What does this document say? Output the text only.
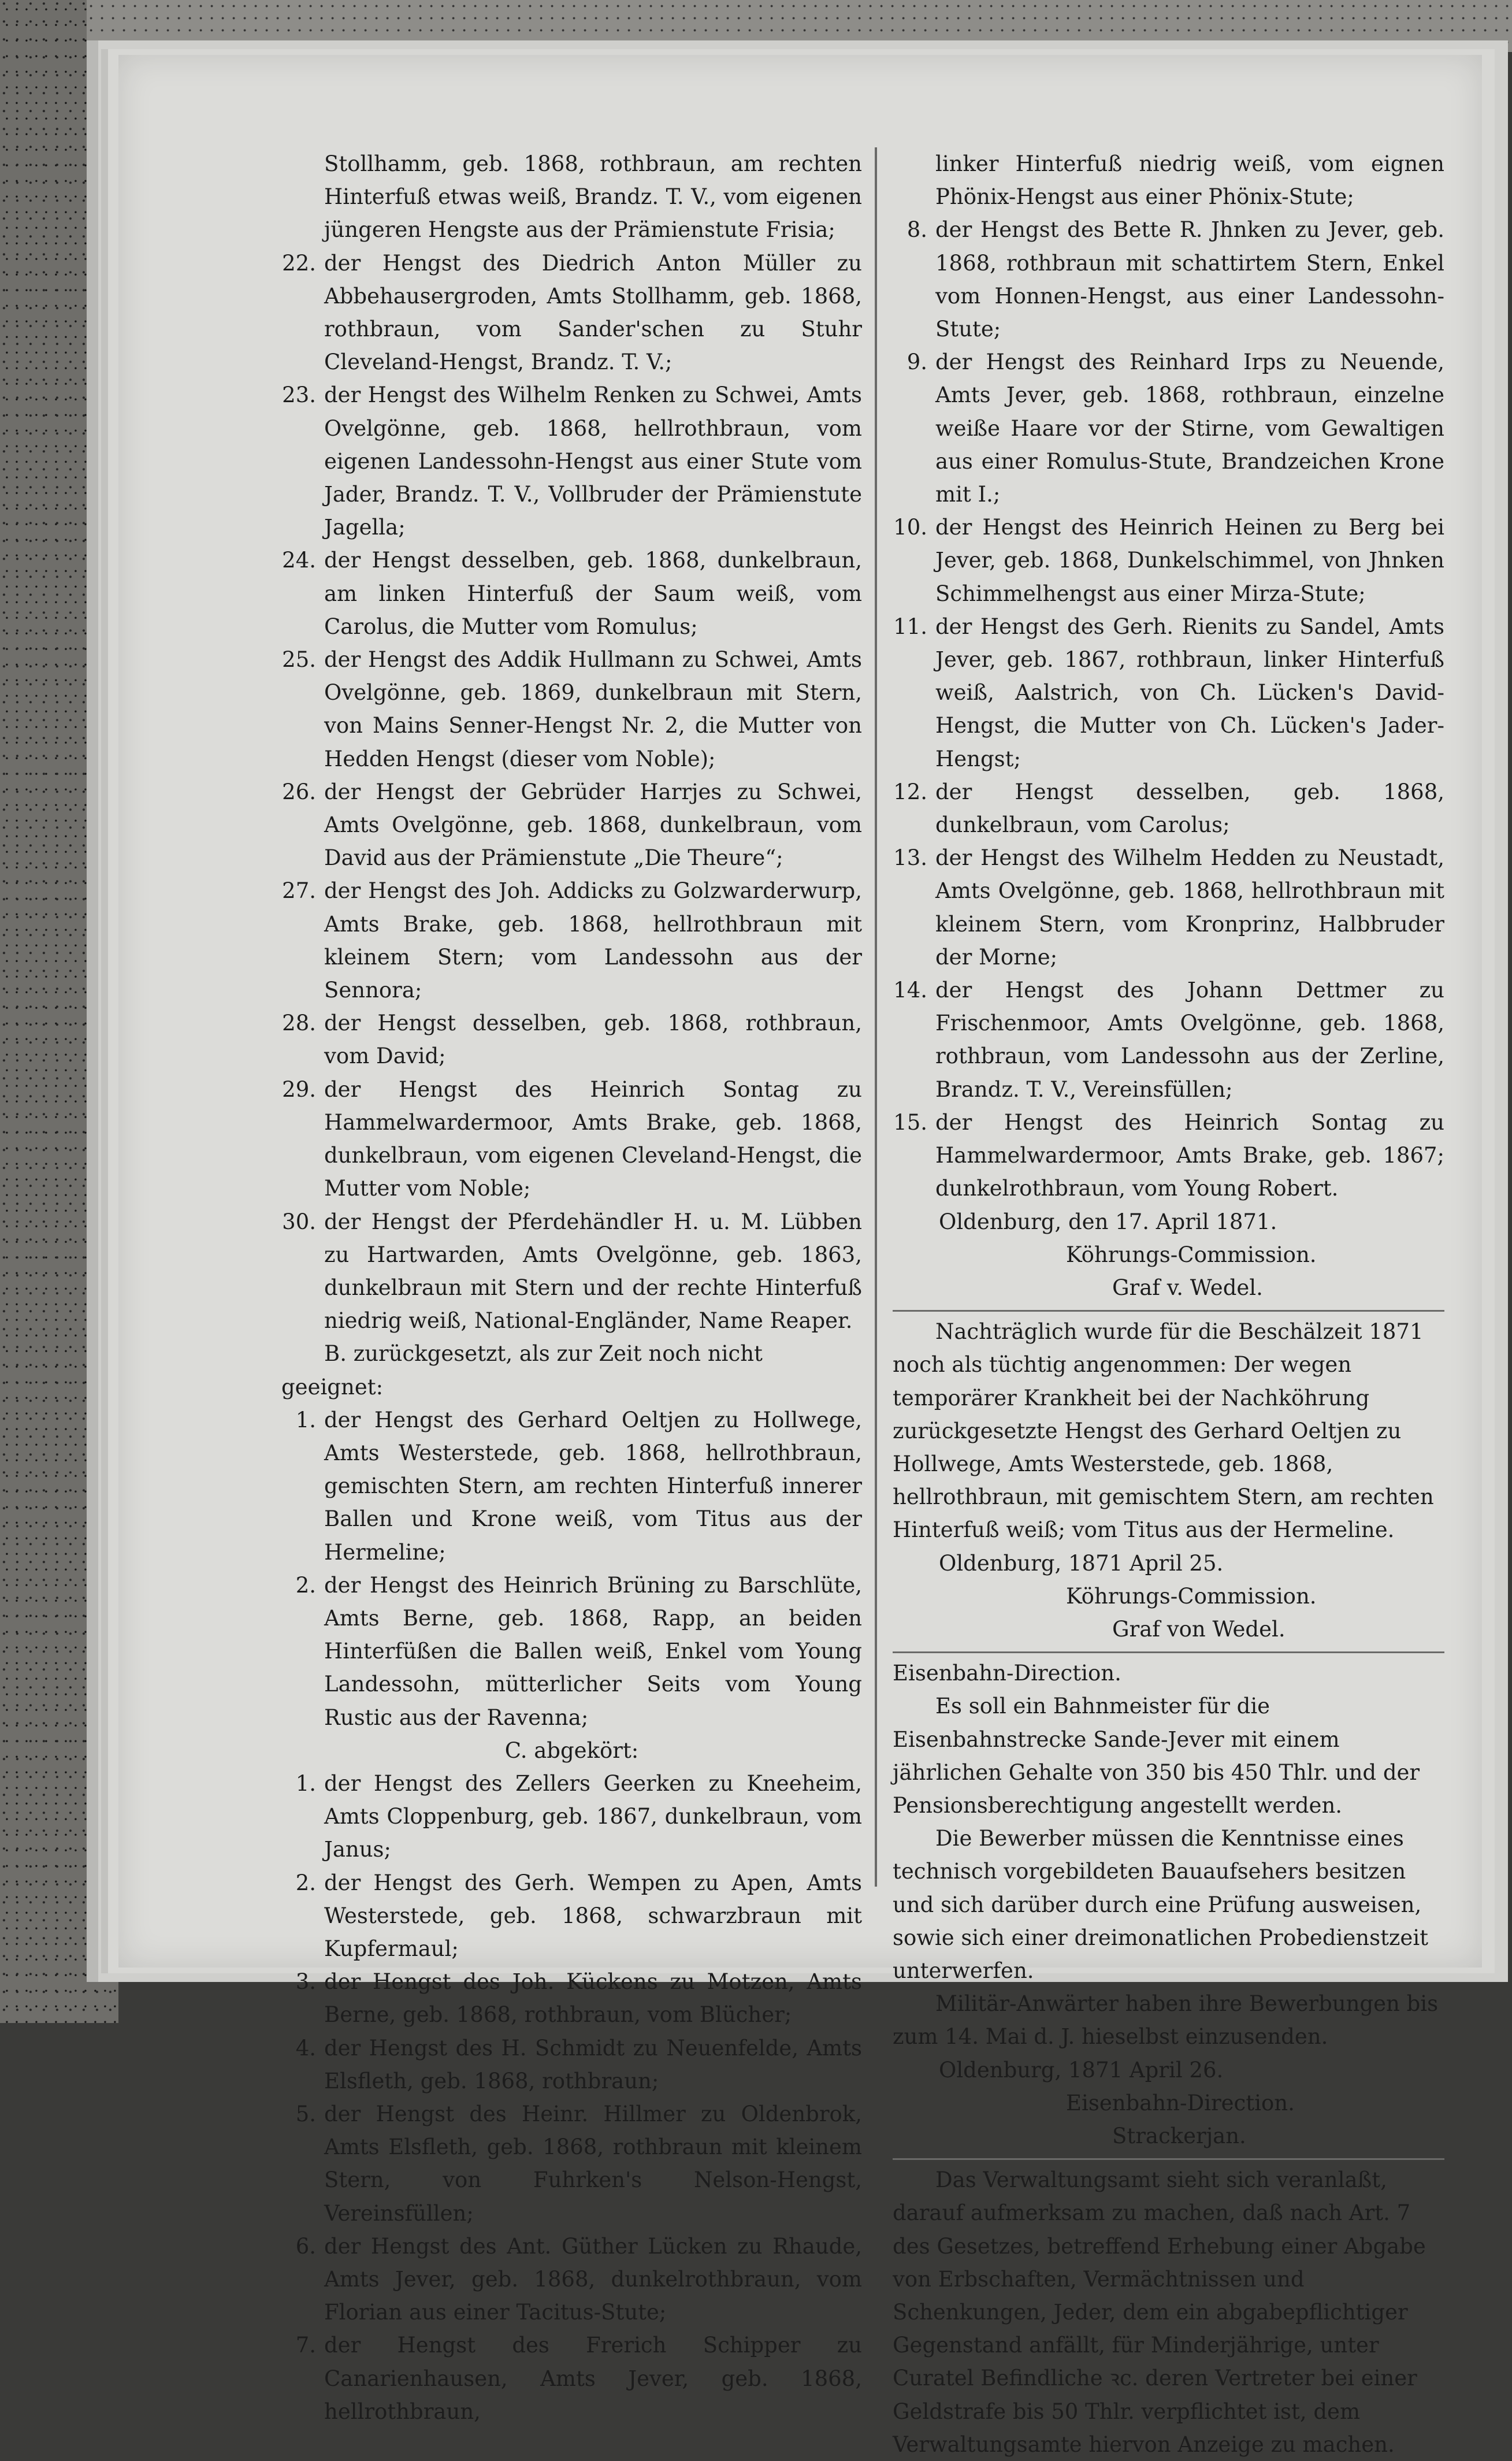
Stollhamm, geb. 1868, rothbraun, am rechten Hinterfuß etwas weiß, Brandz. T. V., vom eigenen jüngeren Hengste aus der Prämienstute Frisia;
22. der Hengst des Diedrich Anton Müller zu Abbehausergroden, Amts Stollhamm, geb. 1868, rothbraun, vom Sander'schen zu Stuhr Cleveland-Hengst, Brandz. T. V.;
23. der Hengst des Wilhelm Renken zu Schwei, Amts Ovelgönne, geb. 1868, hellrothbraun, vom eigenen Landessohn-Hengst aus einer Stute vom Jader, Brandz. T. V., Vollbruder der Prämienstute Jagella;
24. der Hengst desselben, geb. 1868, dunkelbraun, am linken Hinterfuß der Saum weiß, vom Carolus, die Mutter vom Romulus;
25. der Hengst des Addik Hullmann zu Schwei, Amts Ovelgönne, geb. 1869, dunkelbraun mit Stern, von Mains Senner-Hengst Nr. 2, die Mutter von Hedden Hengst (dieser vom Noble);
26. der Hengst der Gebrüder Harrjes zu Schwei, Amts Ovelgönne, geb. 1868, dunkelbraun, vom David aus der Prämienstute „Die Theure“;
27. der Hengst des Joh. Addicks zu Golzwarderwurp, Amts Brake, geb. 1868, hellrothbraun mit kleinem Stern; vom Landessohn aus der Sennora;
28. der Hengst desselben, geb. 1868, rothbraun, vom David;
29. der Hengst des Heinrich Sontag zu Hammelwardermoor, Amts Brake, geb. 1868, dunkelbraun, vom eigenen Cleveland-Hengst, die Mutter vom Noble;
30. der Hengst der Pferdehändler H. u. M. Lübben zu Hartwarden, Amts Ovelgönne, geb. 1863, dunkelbraun mit Stern und der rechte Hinterfuß niedrig weiß, National-Engländer, Name Reaper.
B. zurückgesetzt, als zur Zeit noch nicht geeignet:
1. der Hengst des Gerhard Oeltjen zu Hollwege, Amts Westerstede, geb. 1868, hellrothbraun, gemischten Stern, am rechten Hinterfuß innerer Ballen und Krone weiß, vom Titus aus der Hermeline;
2. der Hengst des Heinrich Brüning zu Barschlüte, Amts Berne, geb. 1868, Rapp, an beiden Hinterfüßen die Ballen weiß, Enkel vom Young Landessohn, mütterlicher Seits vom Young Rustic aus der Ravenna;
C. abgekört:
1. der Hengst des Zellers Geerken zu Kneeheim, Amts Cloppenburg, geb. 1867, dunkelbraun, vom Janus;
2. der Hengst des Gerh. Wempen zu Apen, Amts Westerstede, geb. 1868, schwarzbraun mit Kupfermaul;
3. der Hengst des Joh. Kückens zu Motzen, Amts Berne, geb. 1868, rothbraun, vom Blücher;
4. der Hengst des H. Schmidt zu Neuenfelde, Amts Elsfleth, geb. 1868, rothbraun;
5. der Hengst des Heinr. Hillmer zu Oldenbrok, Amts Elsfleth, geb. 1868, rothbraun mit kleinem Stern, von Fuhrken's Nelson-Hengst, Vereinsfüllen;
6. der Hengst des Ant. Güther Lücken zu Rhaude, Amts Jever, geb. 1868, dunkelrothbraun, vom Florian aus einer Tacitus-Stute;
7. der Hengst des Frerich Schipper zu Canarienhausen, Amts Jever, geb. 1868, hellrothbraun,
linker Hinterfuß niedrig weiß, vom eignen Phönix-Hengst aus einer Phönix-Stute;
8. der Hengst des Bette R. Jhnken zu Jever, geb. 1868, rothbraun mit schattirtem Stern, Enkel vom Honnen-Hengst, aus einer Landessohn-Stute;
9. der Hengst des Reinhard Irps zu Neuende, Amts Jever, geb. 1868, rothbraun, einzelne weiße Haare vor der Stirne, vom Gewaltigen aus einer Romulus-Stute, Brandzeichen Krone mit I.;
10. der Hengst des Heinrich Heinen zu Berg bei Jever, geb. 1868, Dunkelschimmel, von Jhnken Schimmelhengst aus einer Mirza-Stute;
11. der Hengst des Gerh. Rienits zu Sandel, Amts Jever, geb. 1867, rothbraun, linker Hinterfuß weiß, Aalstrich, von Ch. Lücken's David-Hengst, die Mutter von Ch. Lücken's Jader-Hengst;
12. der Hengst desselben, geb. 1868, dunkelbraun, vom Carolus;
13. der Hengst des Wilhelm Hedden zu Neustadt, Amts Ovelgönne, geb. 1868, hellrothbraun mit kleinem Stern, vom Kronprinz, Halbbruder der Morne;
14. der Hengst des Johann Dettmer zu Frischenmoor, Amts Ovelgönne, geb. 1868, rothbraun, vom Landessohn aus der Zerline, Brandz. T. V., Vereinsfüllen;
15. der Hengst des Heinrich Sontag zu Hammelwardermoor, Amts Brake, geb. 1867; dunkelrothbraun, vom Young Robert.
Oldenburg, den 17. April 1871.
Köhrungs-Commission.
Graf v. Wedel.
Nachträglich wurde für die Beschälzeit 1871 noch als tüchtig angenommen: Der wegen temporärer Krankheit bei der Nachköhrung zurückgesetzte Hengst des Gerhard Oeltjen zu Hollwege, Amts Westerstede, geb. 1868, hellrothbraun, mit gemischtem Stern, am rechten Hinterfuß weiß; vom Titus aus der Hermeline.
Oldenburg, 1871 April 25.
Köhrungs-Commission.
Graf von Wedel.
Eisenbahn-Direction.
Es soll ein Bahnmeister für die Eisenbahnstrecke Sande-Jever mit einem jährlichen Gehalte von 350 bis 450 Thlr. und der Pensionsberechtigung angestellt werden.
Die Bewerber müssen die Kenntnisse eines technisch vorgebildeten Bauaufsehers besitzen und sich darüber durch eine Prüfung ausweisen, sowie sich einer dreimonatlichen Probedienstzeit unterwerfen.
Militär-Anwärter haben ihre Bewerbungen bis zum 14. Mai d. J. hieselbst einzusenden.
Oldenburg, 1871 April 26.
Eisenbahn-Direction.
Strackerjan.
Das Verwaltungsamt sieht sich veranlaßt, darauf aufmerksam zu machen, daß nach Art. 7 des Gesetzes, betreffend Erhebung einer Abgabe von Erbschaften, Vermächtnissen und Schenkungen, Jeder, dem ein abgabepflichtiger Gegenstand anfällt, für Minderjährige, unter Curatel Befindliche ꝛc. deren Vertreter bei einer Geldstrafe bis 50 Thlr. verpflichtet ist, dem Verwaltungsamte hiervon Anzeige zu machen.
